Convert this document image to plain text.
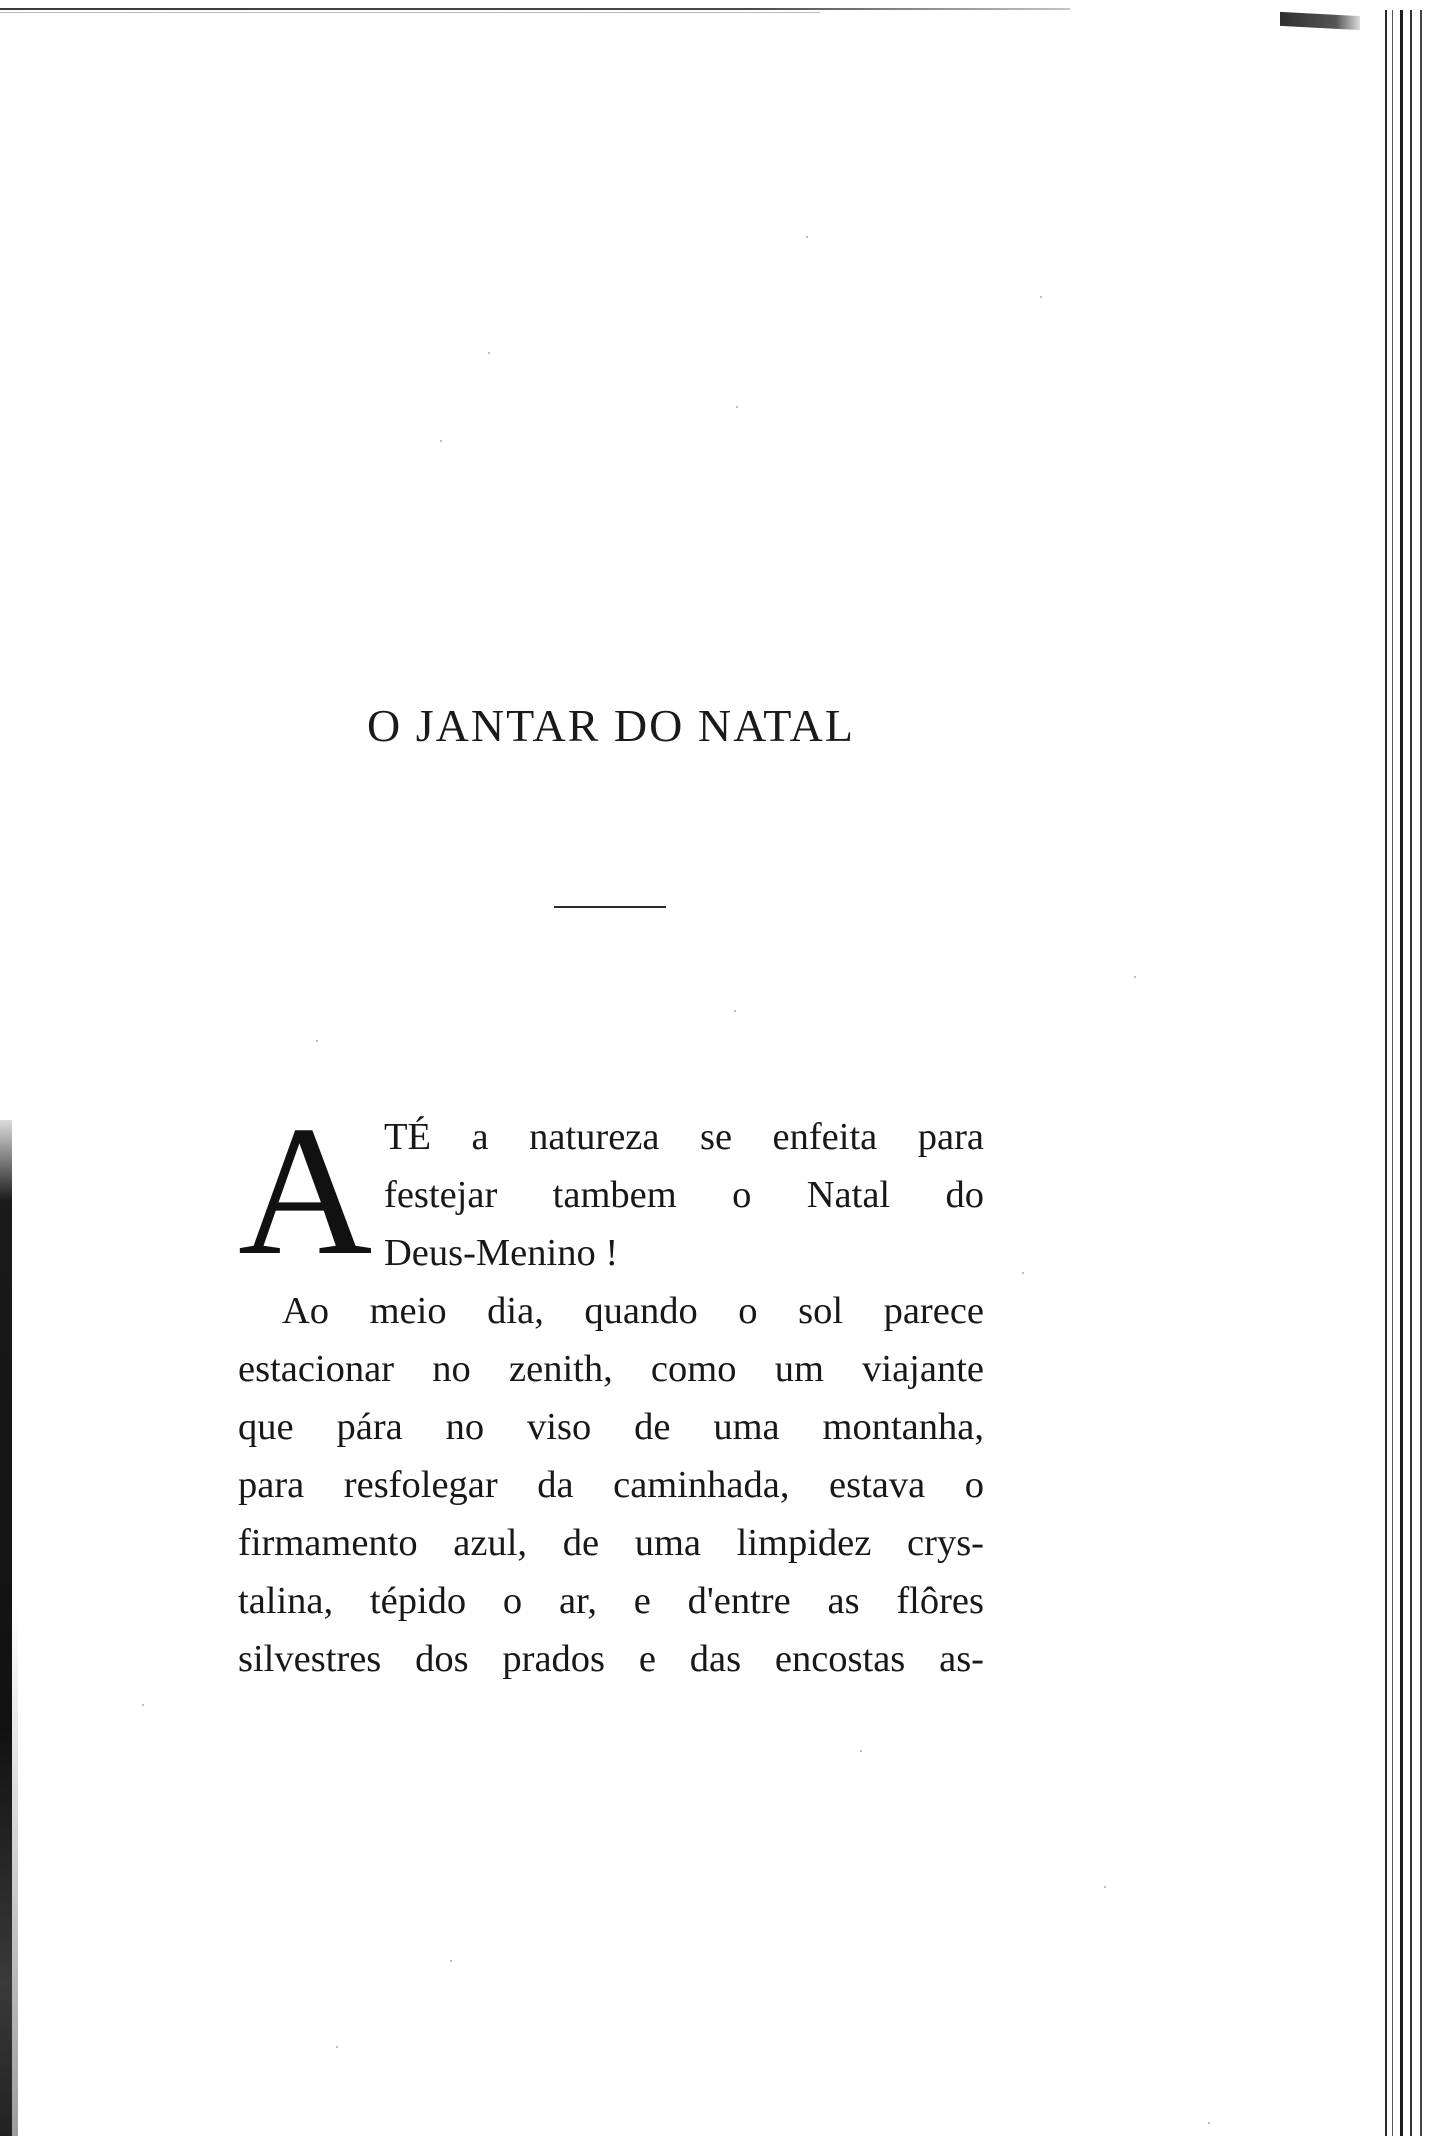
O JANTAR DO NATAL
A TÉ a natureza se enfeita para
festejar tambem o Natal do
Deus-Menino !
Ao meio dia, quando o sol parece
estacionar no zenith, como um viajante
que pára no viso de uma montanha,
para resfolegar da caminhada, estava o
firmamento azul, de uma limpidez crys-
talina, tépido o ar, e d'entre as flôres
silvestres dos prados e das encostas as-
